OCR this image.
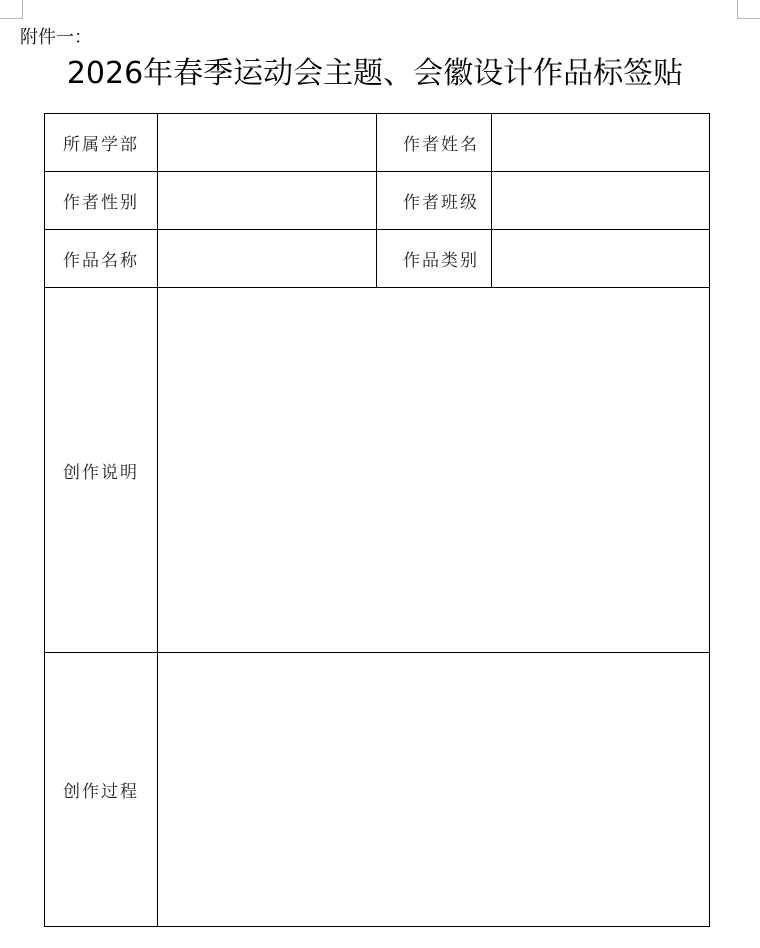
附件一：
2026年春季运动会主题、会徽设计作品标签贴
所属学部		作者姓名	
作者性别		作者班级	
作品名称		作品类别	
创作说明			
创作过程			
